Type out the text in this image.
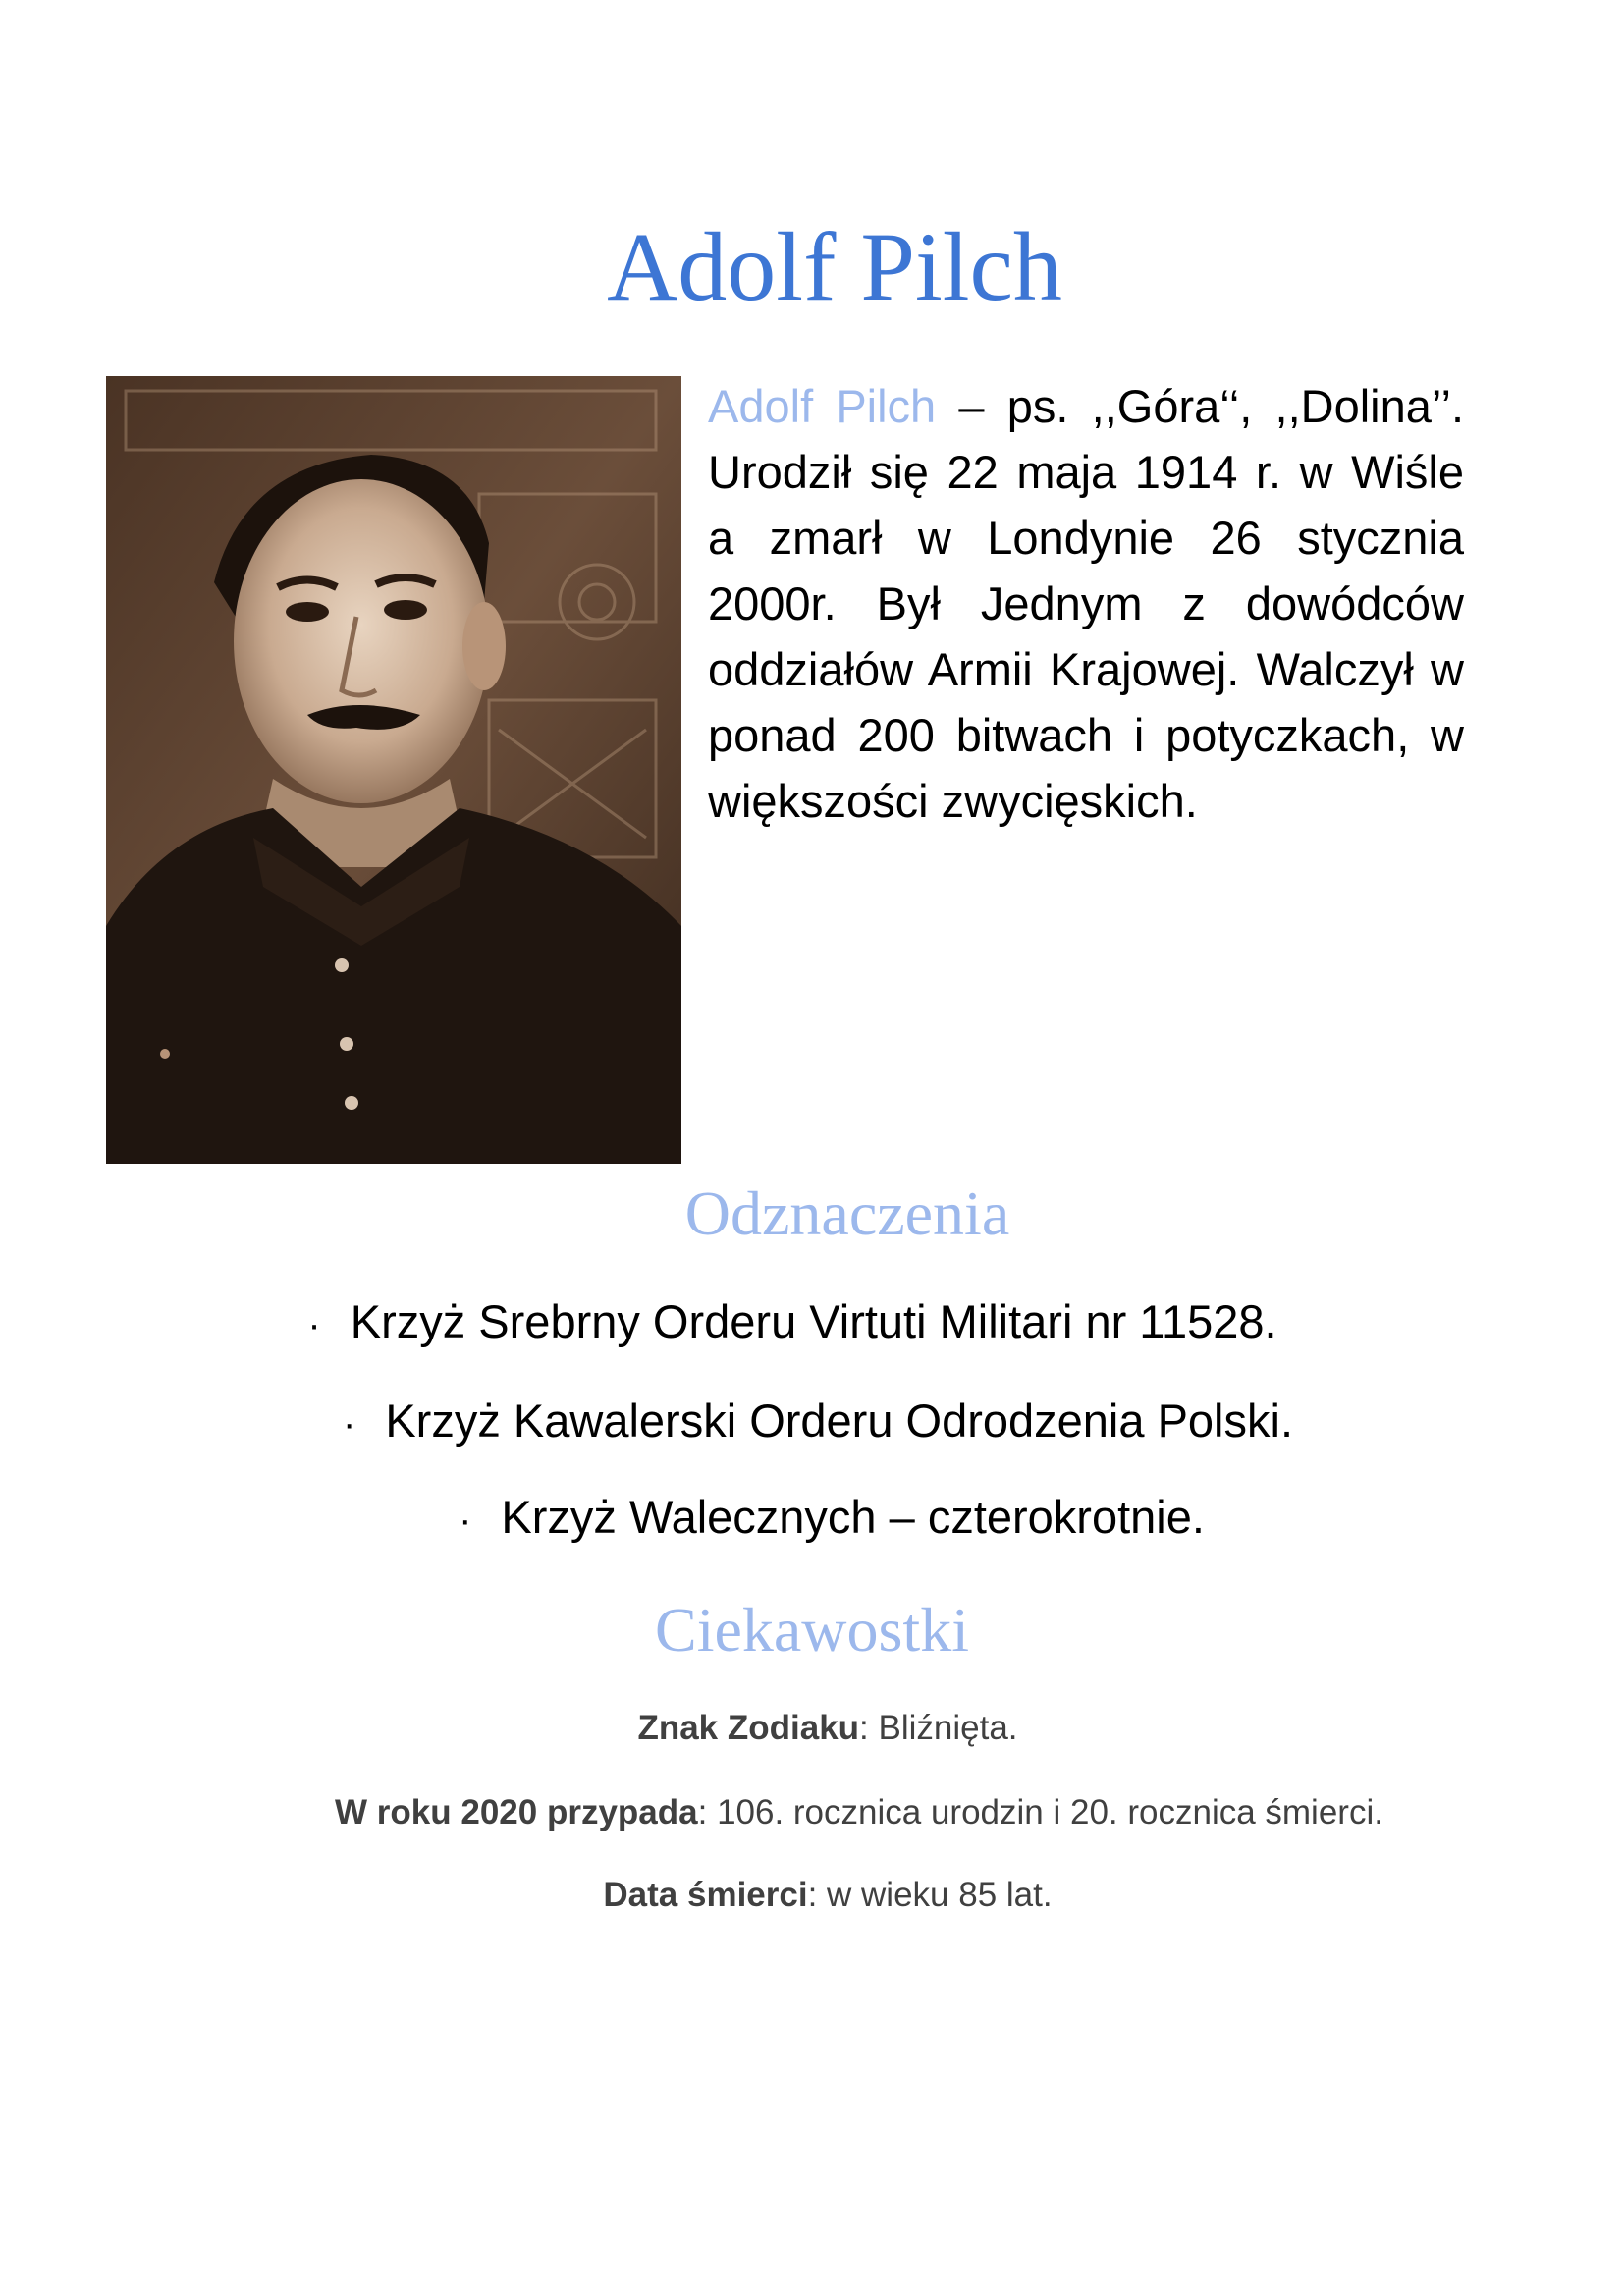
Adolf Pilch

Adolf Pilch – ps. ,,Góra‘‘, ,,Dolina’’. Urodził się 22 maja 1914 r. w Wiśle a zmarł w Londynie 26 stycznia 2000r. Był Jednym z dowódców oddziałów Armii Krajowej. Walczył w ponad 200 bitwach i potyczkach, w większości zwycięskich.

Odznaczenia
· Krzyż Srebrny Orderu Virtuti Militari nr 11528.
· Krzyż Kawalerski Orderu Odrodzenia Polski.
· Krzyż Walecznych – czterokrotnie.
Ciekawostki

Znak Zodiaku: Bliźnięta.

W roku 2020 przypada: 106. rocznica urodzin i 20. rocznica śmierci.

Data śmierci: w wieku 85 lat.
